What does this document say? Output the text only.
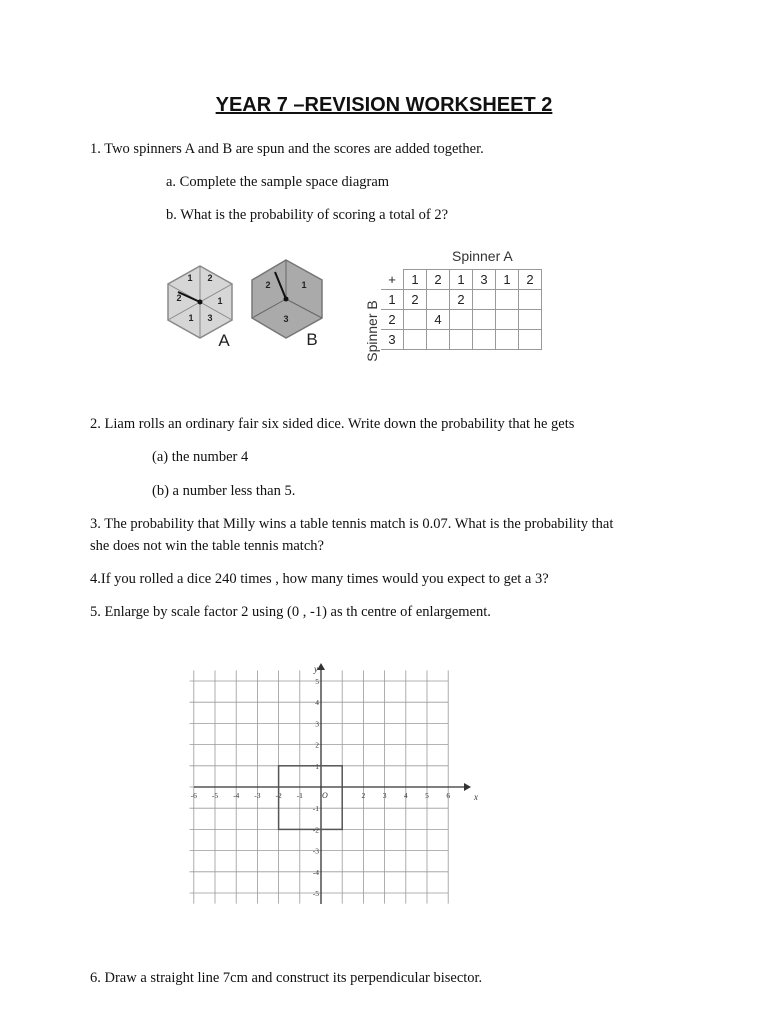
YEAR 7 –REVISION WORKSHEET 2
1. Two spinners A and B are spun and the scores are added together.
a. Complete the sample space diagram
b. What is the probability of scoring a total of 2?
1 2
2	1
1 3
A
2	1
3
B
Spinner A
Spinner B
+	1	2	1	3	1	2
1	2		2			
2		4				
3						
2. Liam rolls an ordinary fair six sided dice. Write down the probability that he gets
(a) the number 4
(b) a number less than 5.
3. The probability that Milly wins a table tennis match is 0.07. What is the probability that
she does not win the table tennis match?
4.If you rolled a dice 240 times , how many times would you expect to get a 3?
5. Enlarge by scale factor 2 using (0 , -1) as th centre of enlargement.
x
y
O
-6 -5 -4 -3 -2 -1	2 3 4 5 6
5
4
3
2
1
-1
-2
-3
-4
-5
6. Draw a straight line 7cm and construct its perpendicular bisector.
